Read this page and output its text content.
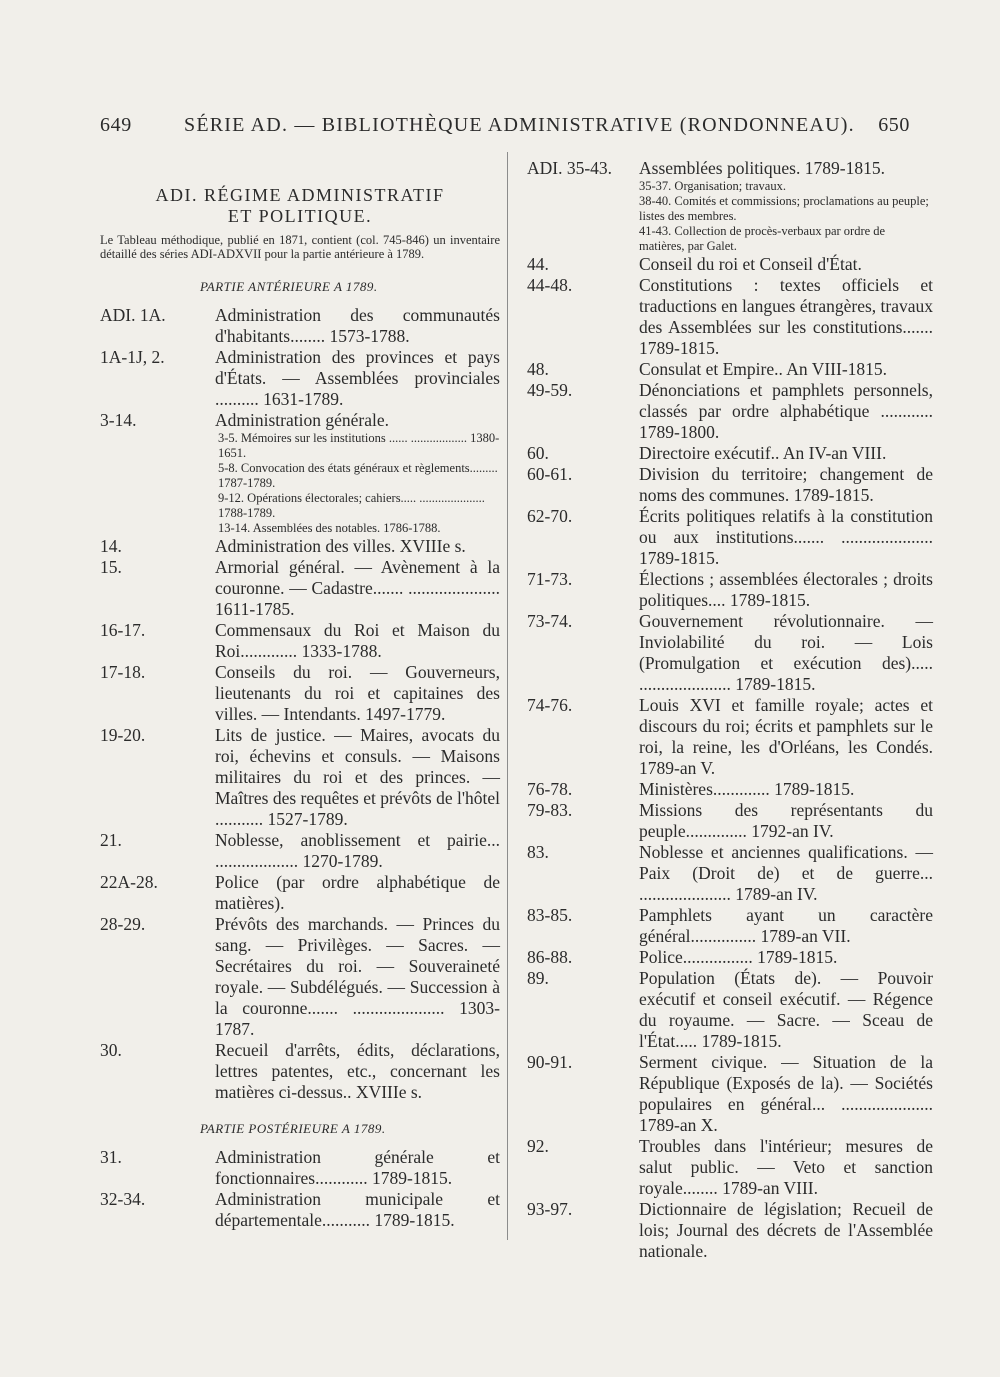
649	SÉRIE AD. — BIBLIOTHÈQUE ADMINISTRATIVE (RONDONNEAU). 650
ADI. RÉGIME ADMINISTRATIF
ET POLITIQUE.
Le Tableau méthodique, publié en 1871, contient (col. 745-846) un inventaire détaillé des séries ADI-ADXVII pour la partie antérieure à 1789.
PARTIE ANTÉRIEURE A 1789.
ADI. 1A.	Administration des communautés d'habitants........ 1573-1788.
1A-1J, 2.	Administration des provinces et pays d'États. — Assemblées provinciales .......... 1631-1789.
3-14.	Administration générale.
3-5. Mémoires sur les institutions ...... .................. 1380-1651.
5-8. Convocation des états généraux et règlements......... 1787-1789.
9-12. Opérations électorales; cahiers..... ..................... 1788-1789.
13-14. Assemblées des notables. 1786-1788.
14.	Administration des villes. XVIIIe s.
15.	Armorial général. — Avènement à la couronne. — Cadastre....... ..................... 1611-1785.
16-17.	Commensaux du Roi et Maison du Roi............. 1333-1788.
17-18.	Conseils du roi. — Gouverneurs, lieutenants du roi et capitaines des villes. — Intendants. 1497-1779.
19-20.	Lits de justice. — Maires, avocats du roi, échevins et consuls. — Maisons militaires du roi et des princes. — Maîtres des requêtes et prévôts de l'hôtel ........... 1527-1789.
21.	Noblesse, anoblissement et pairie... ................... 1270-1789.
22A-28.	Police (par ordre alphabétique de matières).
28-29.	Prévôts des marchands. — Princes du sang. — Privilèges. — Sacres. — Secrétaires du roi. — Souveraineté royale. — Subdélégués. — Succession à la couronne....... ..................... 1303-1787.
30.	Recueil d'arrêts, édits, déclarations, lettres patentes, etc., concernant les matières ci-dessus.. XVIIIe s.
PARTIE POSTÉRIEURE A 1789.
31.	Administration générale et fonctionnaires............ 1789-1815.
32-34.	Administration municipale et départementale........... 1789-1815.
ADI. 35-43.	Assemblées politiques. 1789-1815.
35-37. Organisation; travaux.
38-40. Comités et commissions; proclamations au peuple; listes des membres.
41-43. Collection de procès-verbaux par ordre de matières, par Galet.
44.	Conseil du roi et Conseil d'État.
44-48.	Constitutions : textes officiels et traductions en langues étrangères, travaux des Assemblées sur les constitutions....... 1789-1815.
48.	Consulat et Empire.. An VIII-1815.
49-59.	Dénonciations et pamphlets personnels, classés par ordre alphabétique ............ 1789-1800.
60.	Directoire exécutif.. An IV-an VIII.
60-61.	Division du territoire; changement de noms des communes. 1789-1815.
62-70.	Écrits politiques relatifs à la constitution ou aux institutions....... ..................... 1789-1815.
71-73.	Élections ; assemblées électorales ; droits politiques.... 1789-1815.
73-74.	Gouvernement révolutionnaire. — Inviolabilité du roi. — Lois (Promulgation et exécution des)..... ..................... 1789-1815.
74-76.	Louis XVI et famille royale; actes et discours du roi; écrits et pamphlets sur le roi, la reine, les d'Orléans, les Condés. 1789-an V.
76-78.	Ministères............. 1789-1815.
79-83.	Missions des représentants du peuple.............. 1792-an IV.
83.	Noblesse et anciennes qualifications. — Paix (Droit de) et de guerre... ..................... 1789-an IV.
83-85.	Pamphlets ayant un caractère général............... 1789-an VII.
86-88.	Police................ 1789-1815.
89.	Population (États de). — Pouvoir exécutif et conseil exécutif. — Régence du royaume. — Sacre. — Sceau de l'État..... 1789-1815.
90-91.	Serment civique. — Situation de la République (Exposés de la). — Sociétés populaires en général... ..................... 1789-an X.
92.	Troubles dans l'intérieur; mesures de salut public. — Veto et sanction royale........ 1789-an VIII.
93-97.	Dictionnaire de législation; Recueil de lois; Journal des décrets de l'Assemblée nationale.
